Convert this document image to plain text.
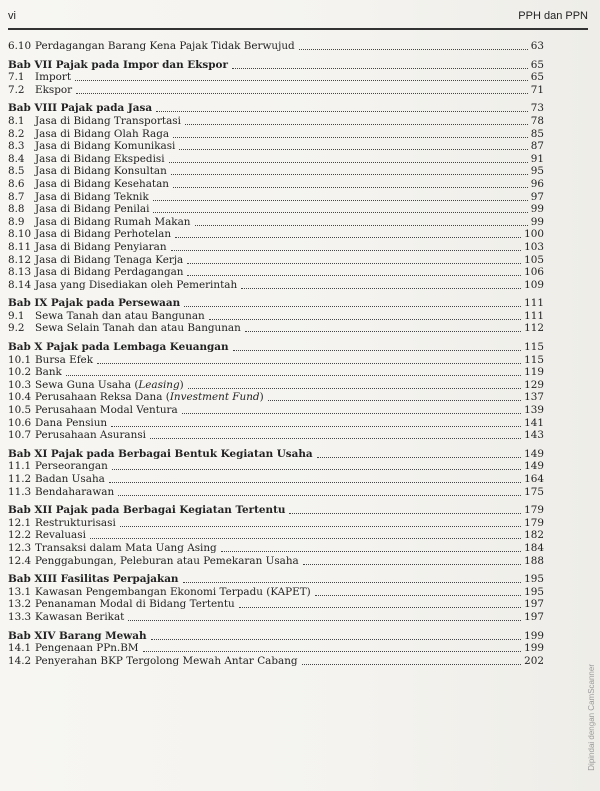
vi	PPH dan PPN
6.10 Perdagangan Barang Kena Pajak Tidak Berwujud	63
Bab VII Pajak pada Impor dan Ekspor	65
7.1	Import	65
7.2	Ekspor	71
Bab VIII Pajak pada Jasa	73
8.1	Jasa di Bidang Transportasi	78
8.2	Jasa di Bidang Olah Raga	85
8.3	Jasa di Bidang Komunikasi	87
8.4	Jasa di Bidang Ekspedisi	91
8.5	Jasa di Bidang Konsultan	95
8.6	Jasa di Bidang Kesehatan	96
8.7	Jasa di Bidang Teknik	97
8.8	Jasa di Bidang Penilai	99
8.9	Jasa di Bidang Rumah Makan	99
8.10 Jasa di Bidang Perhotelan	100
8.11 Jasa di Bidang Penyiaran	103
8.12 Jasa di Bidang Tenaga Kerja	105
8.13 Jasa di Bidang Perdagangan	106
8.14 Jasa yang Disediakan oleh Pemerintah	109
Bab IX Pajak pada Persewaan	111
9.1	Sewa Tanah dan atau Bangunan	111
9.2	Sewa Selain Tanah dan atau Bangunan	112
Bab X Pajak pada Lembaga Keuangan	115
10.1 Bursa Efek	115
10.2 Bank	119
10.3 Sewa Guna Usaha (Leasing)	129
10.4 Perusahaan Reksa Dana (Investment Fund)	137
10.5 Perusahaan Modal Ventura	139
10.6 Dana Pensiun	141
10.7 Perusahaan Asuransi	143
Bab XI Pajak pada Berbagai Bentuk Kegiatan Usaha	149
11.1 Perseorangan	149
11.2 Badan Usaha	164
11.3 Bendaharawan	175
Bab XII Pajak pada Berbagai Kegiatan Tertentu	179
12.1 Restrukturisasi	179
12.2 Revaluasi	182
12.3 Transaksi dalam Mata Uang Asing	184
12.4 Penggabungan, Peleburan atau Pemekaran Usaha	188
Bab XIII Fasilitas Perpajakan	195
13.1 Kawasan Pengembangan Ekonomi Terpadu (KAPET)	195
13.2 Penanaman Modal di Bidang Tertentu	197
13.3 Kawasan Berikat	197
Bab XIV Barang Mewah	199
14.1 Pengenaan PPn.BM	199
14.2 Penyerahan BKP Tergolong Mewah Antar Cabang	202
Dipindai dengan CamScanner
